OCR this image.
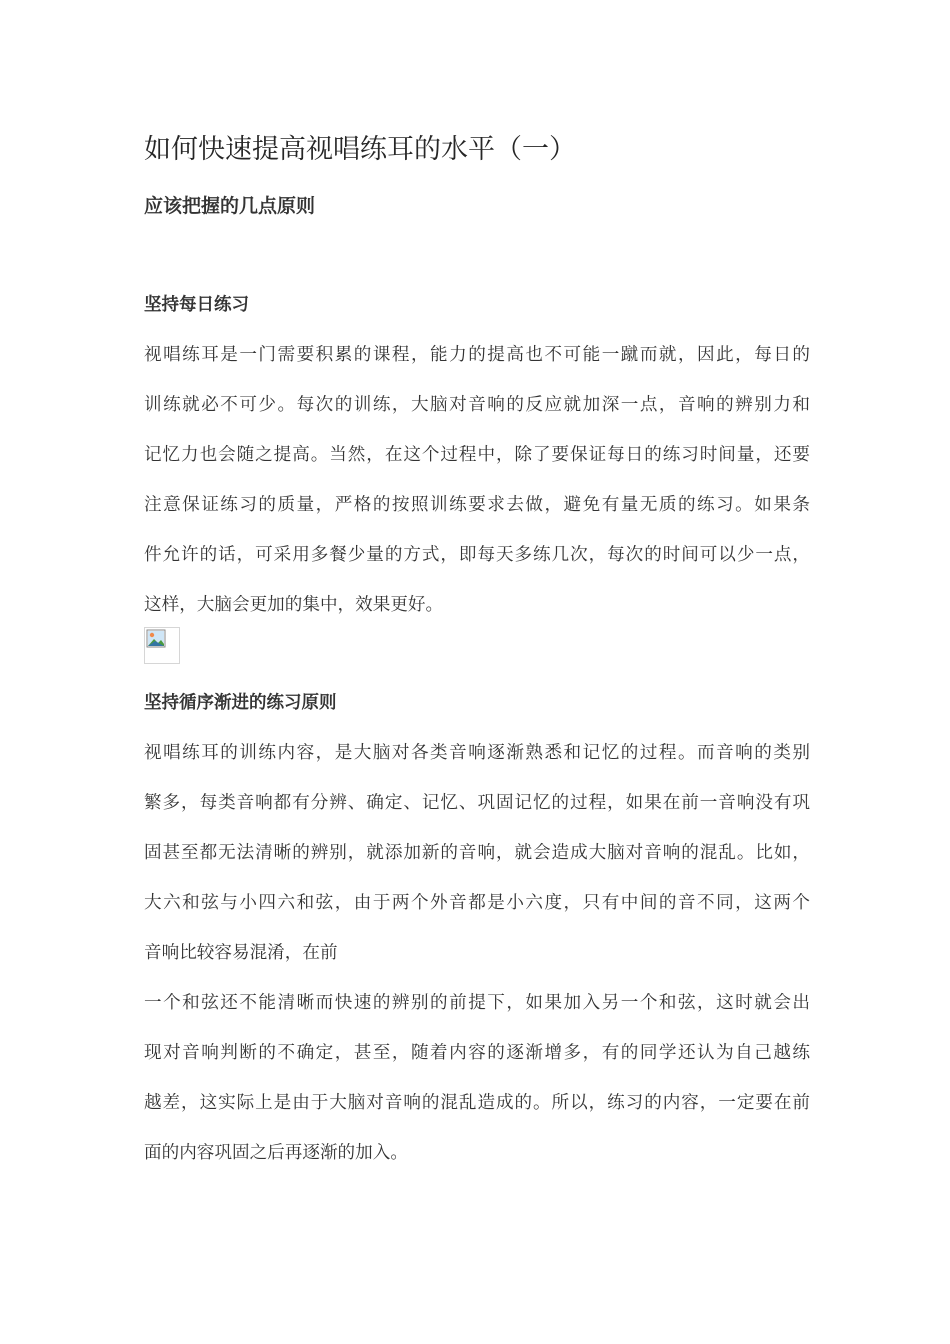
如何快速提高视唱练耳的水平（一）
应该把握的几点原则
坚持每日练习
视唱练耳是一门需要积累的课程，能力的提高也不可能一蹴而就，因此，每日的
训练就必不可少。每次的训练，大脑对音响的反应就加深一点，音响的辨别力和
记忆力也会随之提高。当然，在这个过程中，除了要保证每日的练习时间量，还要
注意保证练习的质量，严格的按照训练要求去做，避免有量无质的练习。如果条
件允许的话，可采用多餐少量的方式，即每天多练几次，每次的时间可以少一点，
这样，大脑会更加的集中，效果更好。
坚持循序渐进的练习原则
视唱练耳的训练内容，是大脑对各类音响逐渐熟悉和记忆的过程。而音响的类别
繁多，每类音响都有分辨、确定、记忆、巩固记忆的过程，如果在前一音响没有巩
固甚至都无法清晰的辨别，就添加新的音响，就会造成大脑对音响的混乱。比如，
大六和弦与小四六和弦，由于两个外音都是小六度，只有中间的音不同，这两个
音响比较容易混淆，在前
一个和弦还不能清晰而快速的辨别的前提下，如果加入另一个和弦，这时就会出
现对音响判断的不确定，甚至，随着内容的逐渐增多，有的同学还认为自己越练
越差，这实际上是由于大脑对音响的混乱造成的。所以，练习的内容，一定要在前
面的内容巩固之后再逐渐的加入。
